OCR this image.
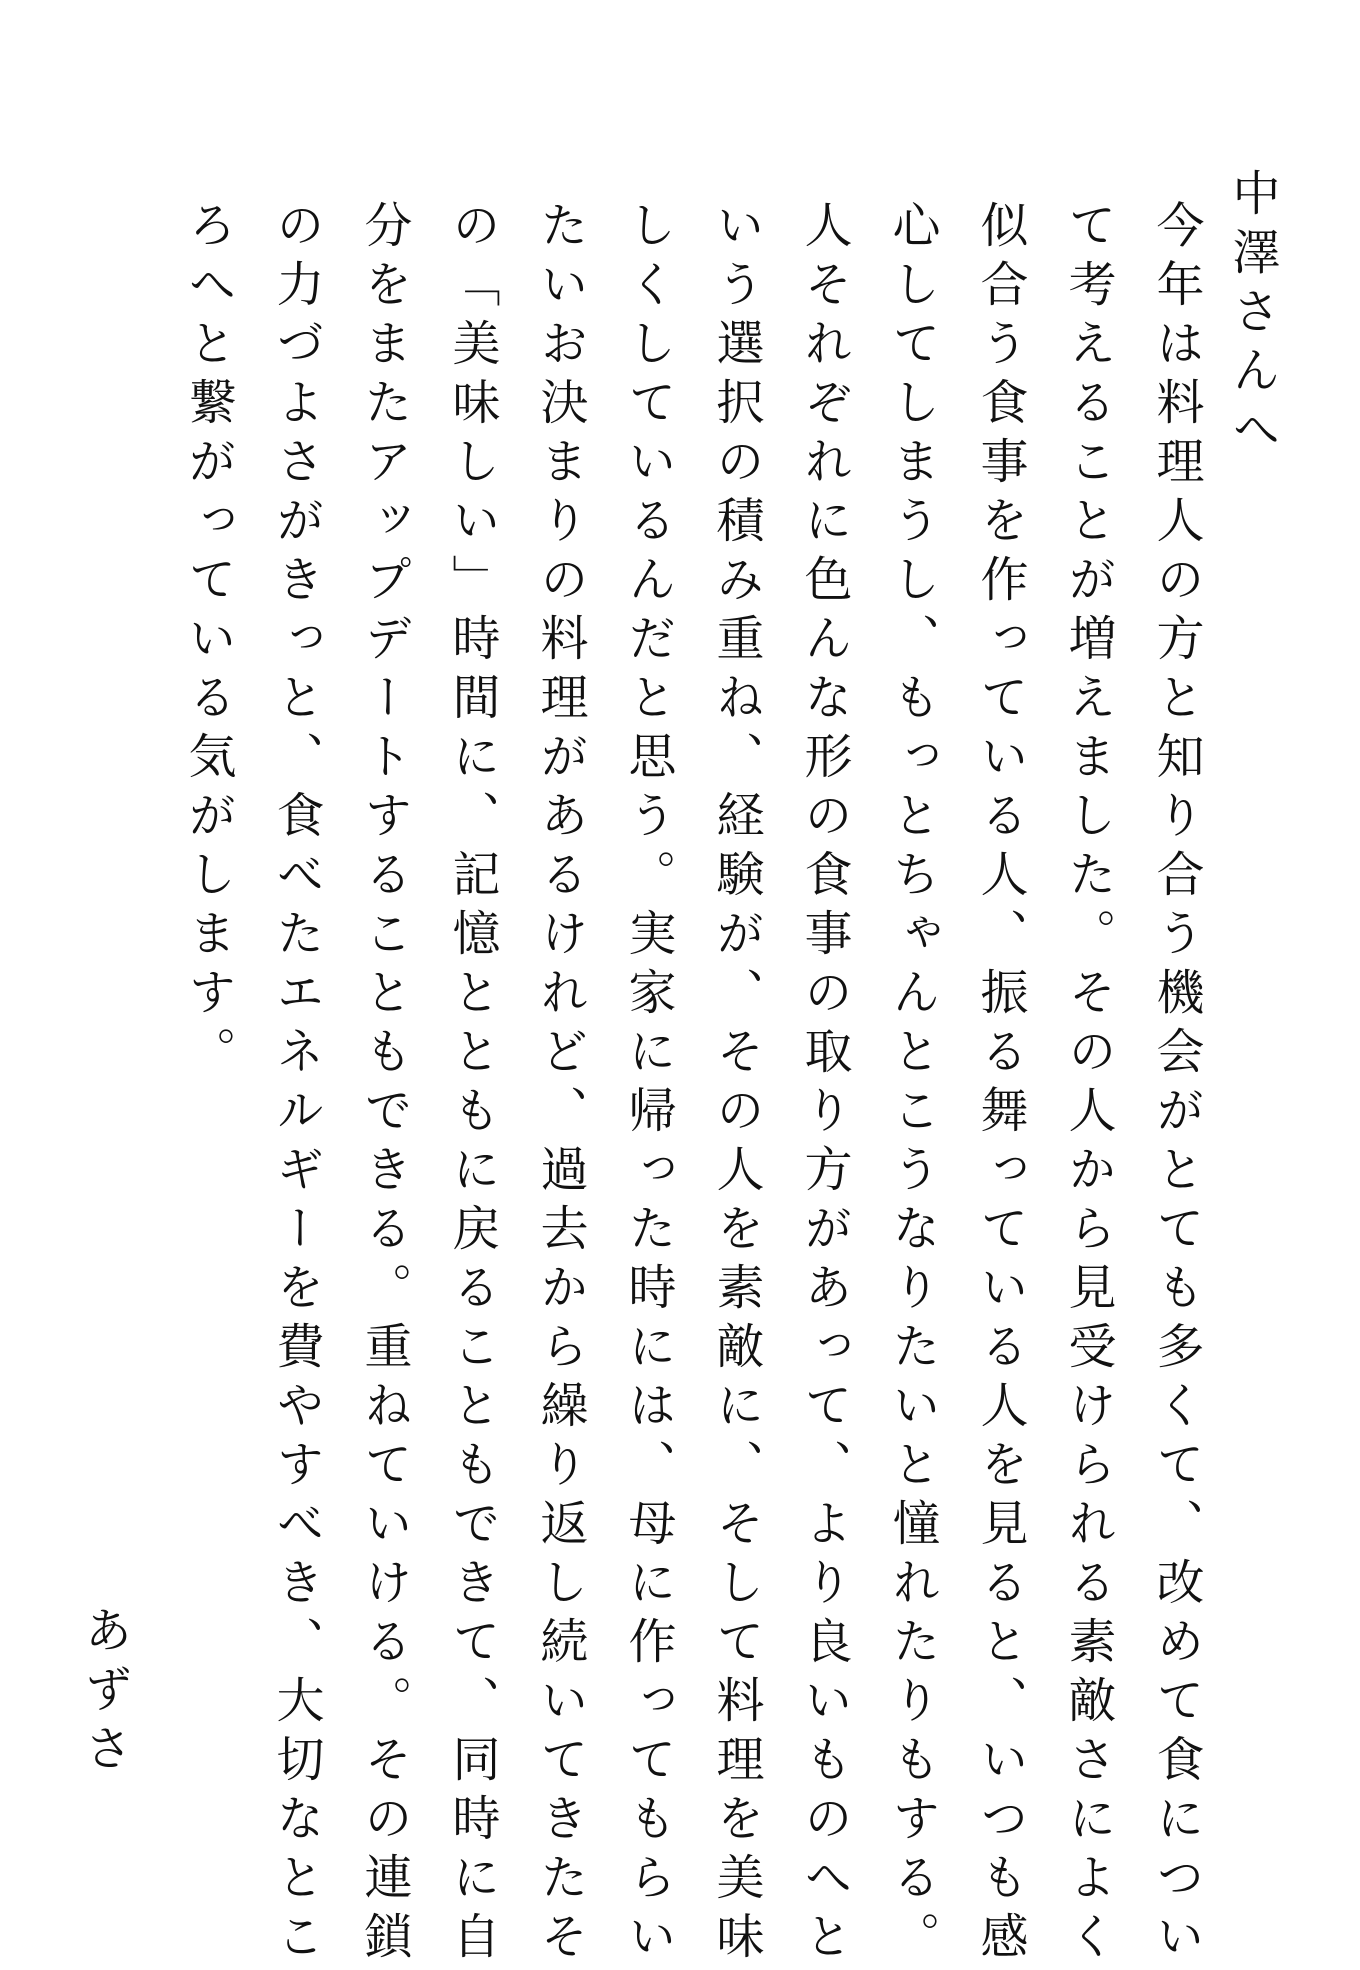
中澤さんへ
今年は料理人の方と知り合う機会がとても多くて、改めて食につい
て考えることが増えました。その人から見受けられる素敵さによく
似合う食事を作っている人、振る舞っている人を見ると、いつも感
心してしまうし、もっとちゃんとこうなりたいと憧れたりもする。
人それぞれに色んな形の食事の取り方があって、より良いものへと
いう選択の積み重ね、経験が、その人を素敵に、そして料理を美味
しくしているんだと思う。実家に帰った時には、母に作ってもらい
たいお決まりの料理があるけれど、過去から繰り返し続いてきたそ
の「美味しい」時間に、記憶とともに戻ることもできて、同時に自
分をまたアップデートすることもできる。重ねていける。その連鎖
の力づよさがきっと、食べたエネルギーを費やすべき、大切なとこ
ろへと繋がっている気がします。
あずさ
